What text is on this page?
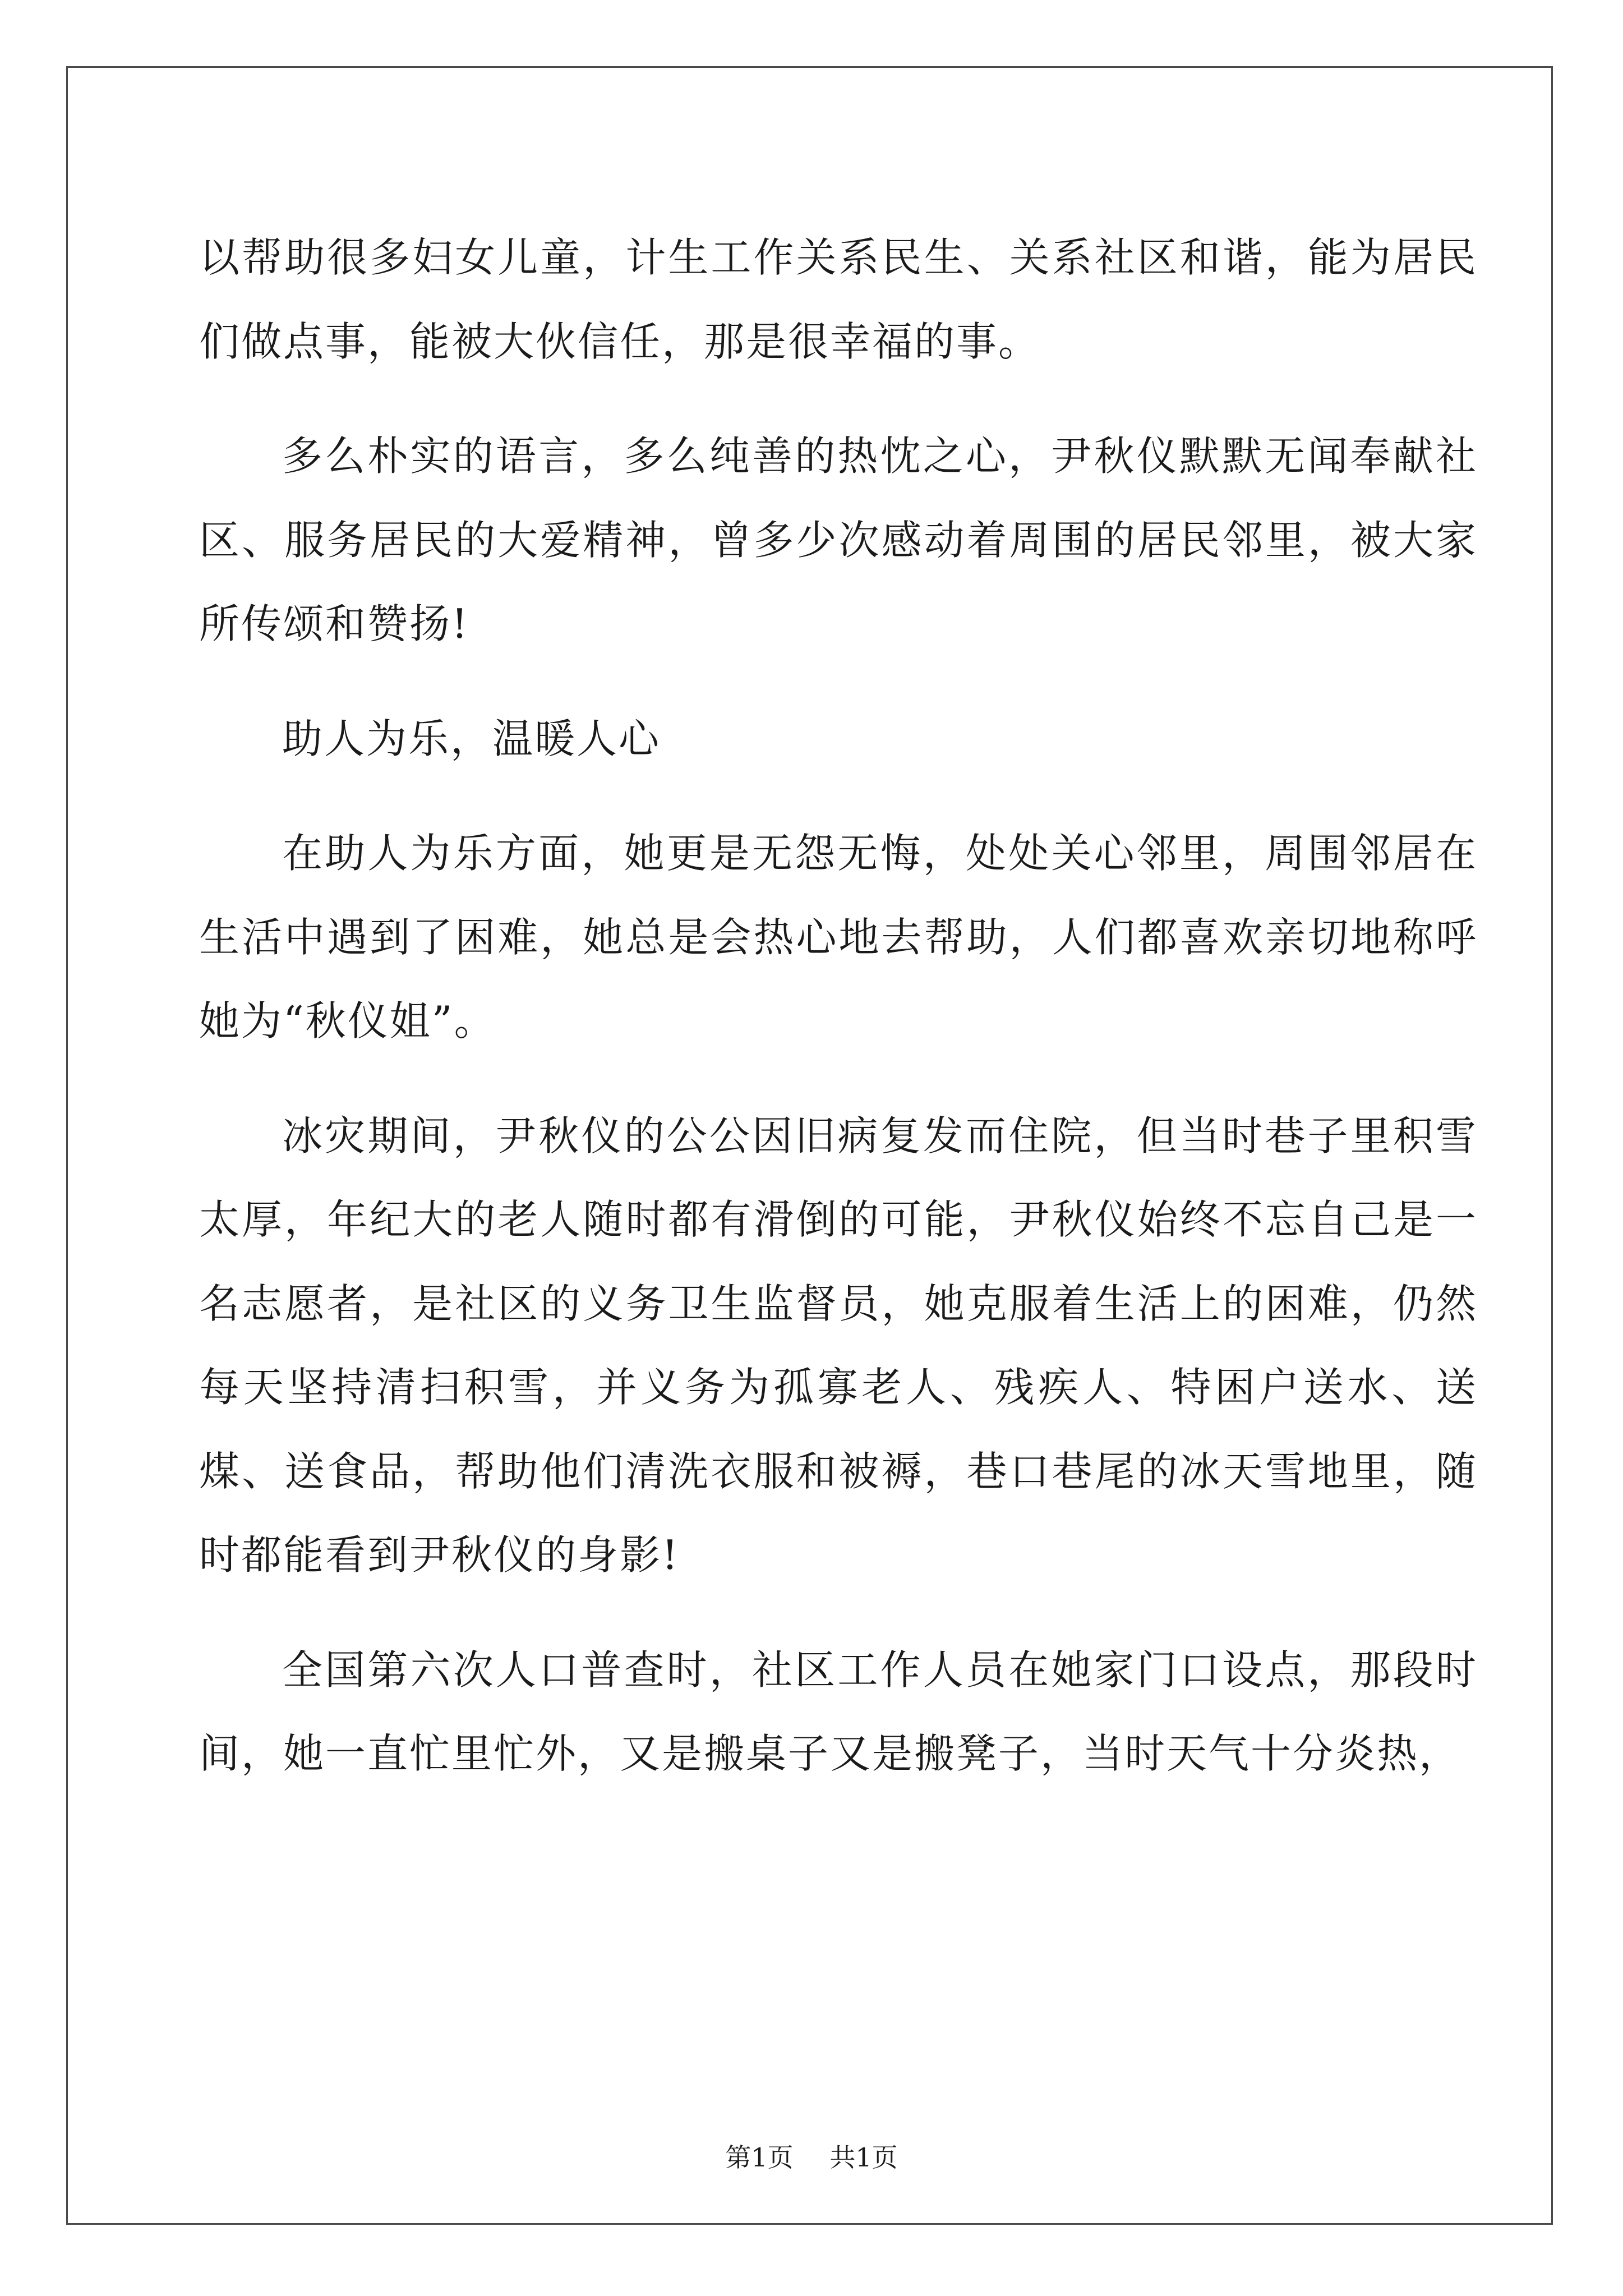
以帮助很多妇女儿童，计生工作关系民生、关系社区和谐，能为居民们做点事，能被大伙信任，那是很幸福的事。

多么朴实的语言，多么纯善的热忱之心，尹秋仪默默无闻奉献社区、服务居民的大爱精神，曾多少次感动着周围的居民邻里，被大家所传颂和赞扬!

助人为乐，温暖人心

在助人为乐方面，她更是无怨无悔，处处关心邻里，周围邻居在生活中遇到了困难，她总是会热心地去帮助，人们都喜欢亲切地称呼她为“秋仪姐”。

冰灾期间，尹秋仪的公公因旧病复发而住院，但当时巷子里积雪太厚，年纪大的老人随时都有滑倒的可能，尹秋仪始终不忘自己是一名志愿者，是社区的义务卫生监督员，她克服着生活上的困难，仍然每天坚持清扫积雪，并义务为孤寡老人、残疾人、特困户送水、送煤、送食品，帮助他们清洗衣服和被褥，巷口巷尾的冰天雪地里，随时都能看到尹秋仪的身影!

全国第六次人口普查时，社区工作人员在她家门口设点，那段时间，她一直忙里忙外，又是搬桌子又是搬凳子，当时天气十分炎热，

第1页 共1页
